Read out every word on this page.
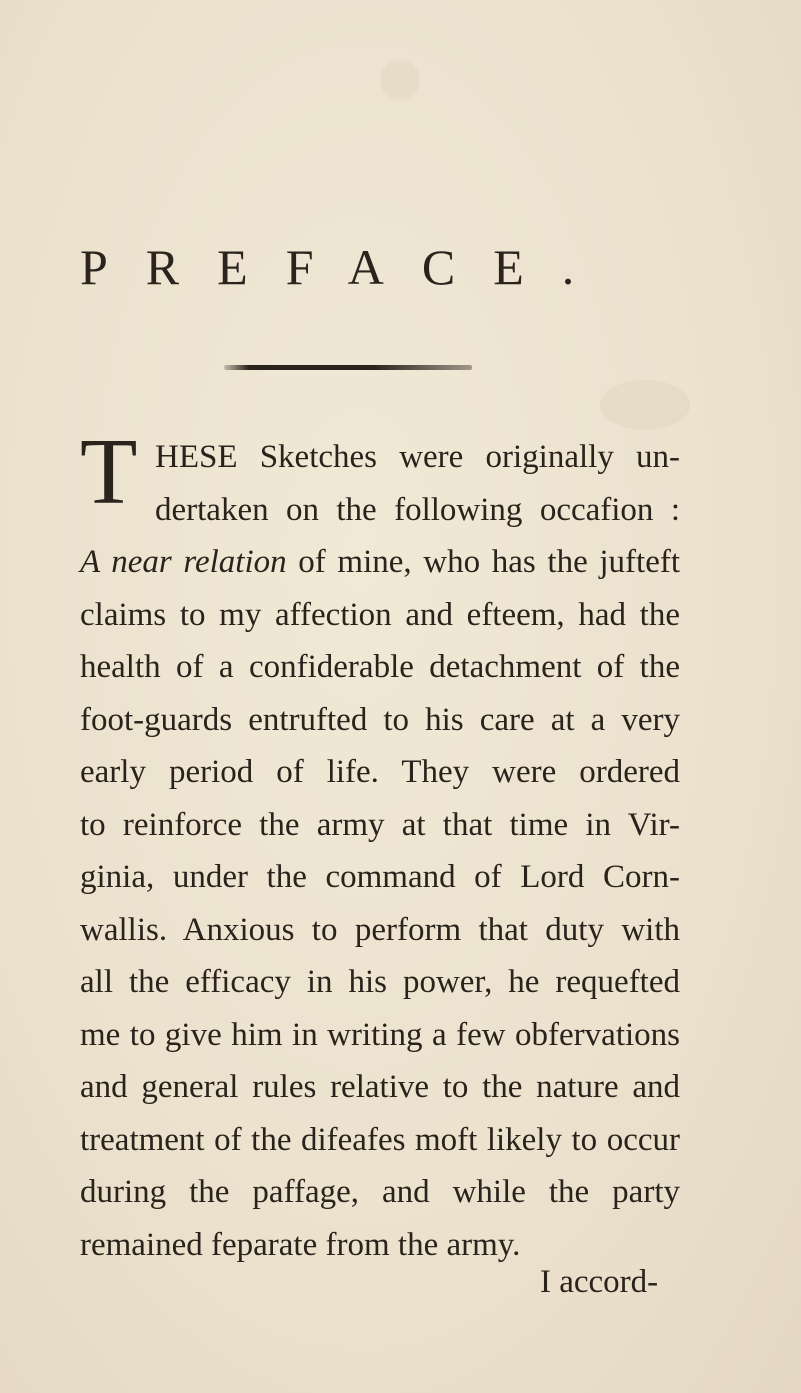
PREFACE.
T HESE Sketches were originally un-
dertaken on the following occafion :
A near relation of mine, who has the jufteft
claims to my affection and efteem, had the
health of a confiderable detachment of the
foot-guards entrufted to his care at a very
early period of life. They were ordered
to reinforce the army at that time in Vir-
ginia, under the command of Lord Corn-
wallis. Anxious to perform that duty with
all the efficacy in his power, he requefted
me to give him in writing a few obfervations
and general rules relative to the nature and
treatment of the difeafes moft likely to occur
during the paffage, and while the party
remained feparate from the army.
I accord-
